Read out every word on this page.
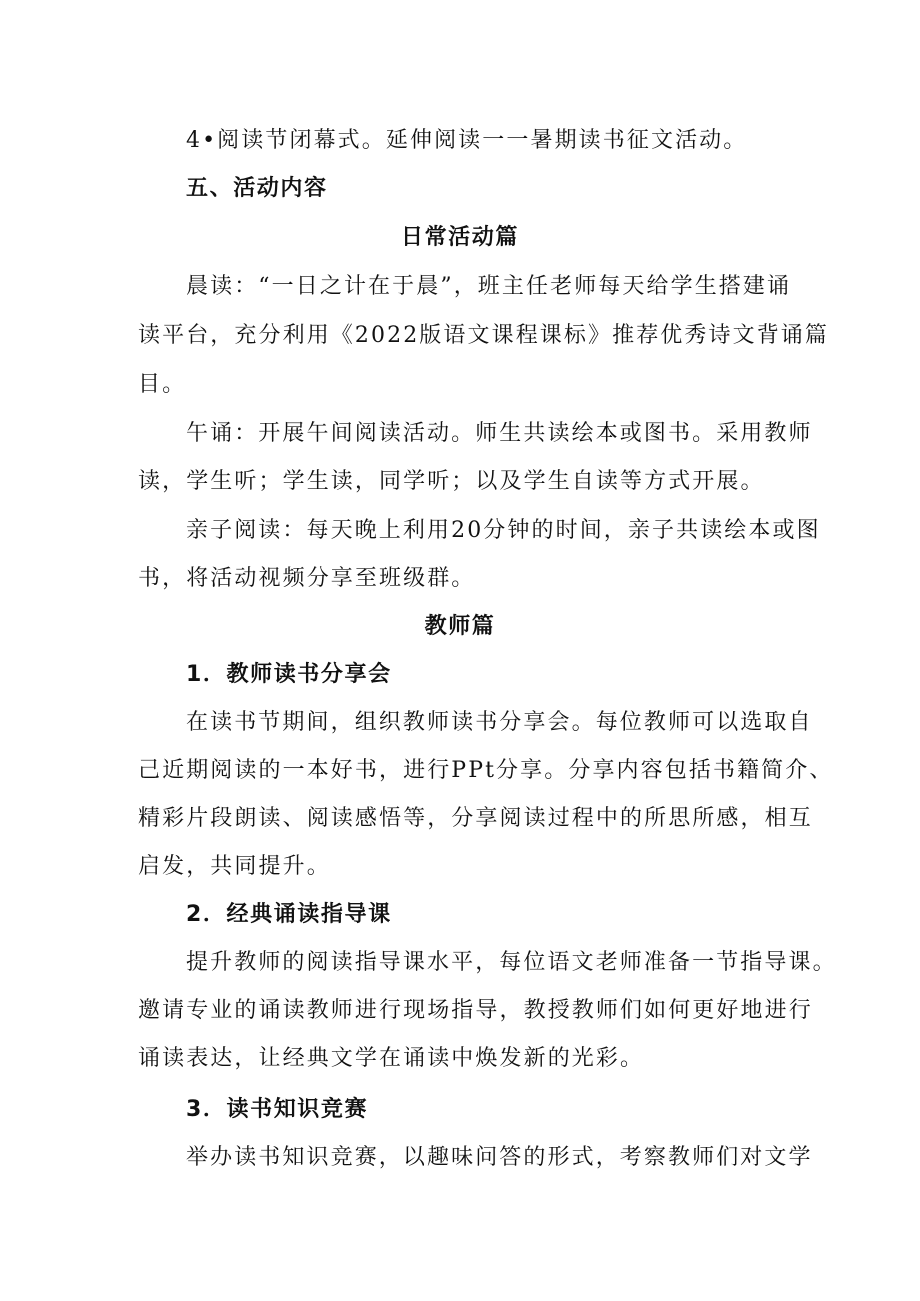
4•阅读节闭幕式。延伸阅读一一暑期读书征文活动。
五、活动内容
日常活动篇
晨读：“一日之计在于晨”，班主任老师每天给学生搭建诵
读平台，充分利用《2022版语文课程课标》推荐优秀诗文背诵篇
目。
午诵：开展午间阅读活动。师生共读绘本或图书。采用教师
读，学生听；学生读，同学听；以及学生自读等方式开展。
亲子阅读：每天晚上利用20分钟的时间，亲子共读绘本或图
书，将活动视频分享至班级群。
教师篇
1．教师读书分享会
在读书节期间，组织教师读书分享会。每位教师可以选取自
己近期阅读的一本好书，进行PPt分享。分享内容包括书籍简介、
精彩片段朗读、阅读感悟等，分享阅读过程中的所思所感，相互
启发，共同提升。
2．经典诵读指导课
提升教师的阅读指导课水平，每位语文老师准备一节指导课。
邀请专业的诵读教师进行现场指导，教授教师们如何更好地进行
诵读表达，让经典文学在诵读中焕发新的光彩。
3．读书知识竞赛
举办读书知识竞赛，以趣味问答的形式，考察教师们对文学
